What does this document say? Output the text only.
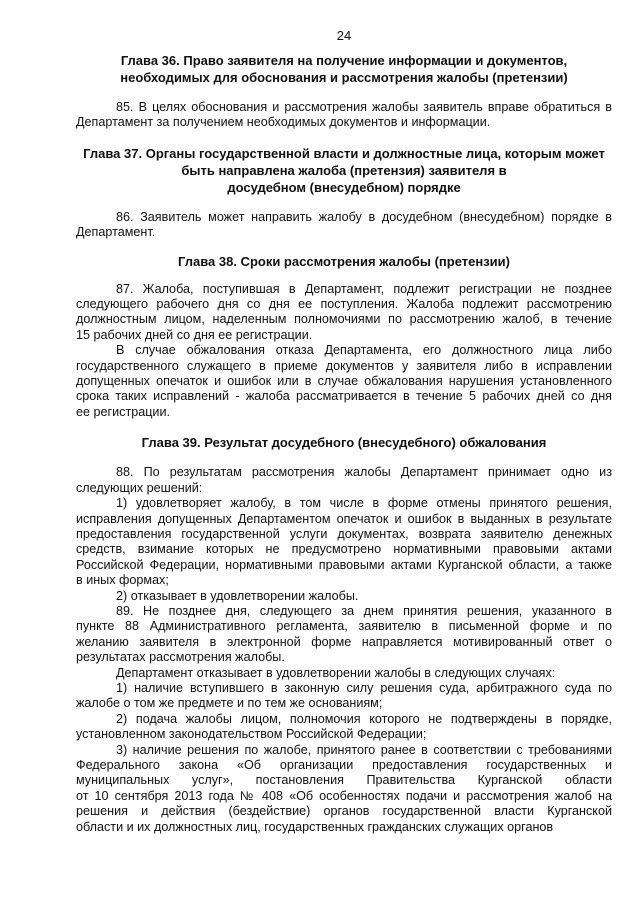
24
Глава 36. Право заявителя на получение информации и документов,
необходимых для обоснования и рассмотрения жалобы (претензии)

85. В целях обоснования и рассмотрения жалобы заявитель вправе обратиться в
Департамент за получением необходимых документов и информации.

Глава 37. Органы государственной власти и должностные лица, которым может
быть направлена жалоба (претензия) заявителя в
досудебном (внесудебном) порядке

86. Заявитель может направить жалобу в досудебном (внесудебном) порядке в
Департамент.

Глава 38. Сроки рассмотрения жалобы (претензии)

87. Жалоба, поступившая в Департамент, подлежит регистрации не позднее
следующего рабочего дня со дня ее поступления. Жалоба подлежит рассмотрению
должностным лицом, наделенным полномочиями по рассмотрению жалоб, в течение
15 рабочих дней со дня ее регистрации.

В случае обжалования отказа Департамента, его должностного лица либо
государственного служащего в приеме документов у заявителя либо в исправлении
допущенных опечаток и ошибок или в случае обжалования нарушения установленного
срока таких исправлений - жалоба рассматривается в течение 5 рабочих дней со дня
ее регистрации.

Глава 39. Результат досудебного (внесудебного) обжалования

88. По результатам рассмотрения жалобы Департамент принимает одно из
следующих решений:

1) удовлетворяет жалобу, в том числе в форме отмены принятого решения,
исправления допущенных Департаментом опечаток и ошибок в выданных в результате
предоставления государственной услуги документах, возврата заявителю денежных
средств, взимание которых не предусмотрено нормативными правовыми актами
Российской Федерации, нормативными правовыми актами Курганской области, а также
в иных формах;

2) отказывает в удовлетворении жалобы.

89. Не позднее дня, следующего за днем принятия решения, указанного в
пункте 88 Административного регламента, заявителю в письменной форме и по
желанию заявителя в электронной форме направляется мотивированный ответ о
результатах рассмотрения жалобы.

Департамент отказывает в удовлетворении жалобы в следующих случаях:

1) наличие вступившего в законную силу решения суда, арбитражного суда по
жалобе о том же предмете и по тем же основаниям;

2) подача жалобы лицом, полномочия которого не подтверждены в порядке,
установленном законодательством Российской Федерации;

3) наличие решения по жалобе, принятого ранее в соответствии с требованиями
Федерального закона «Об организации предоставления государственных и
муниципальных услуг», постановления Правительства Курганской области
от 10 сентября 2013 года № 408 «Об особенностях подачи и рассмотрения жалоб на
решения и действия (бездействие) органов государственной власти Курганской
области и их должностных лиц, государственных гражданских служащих органов
